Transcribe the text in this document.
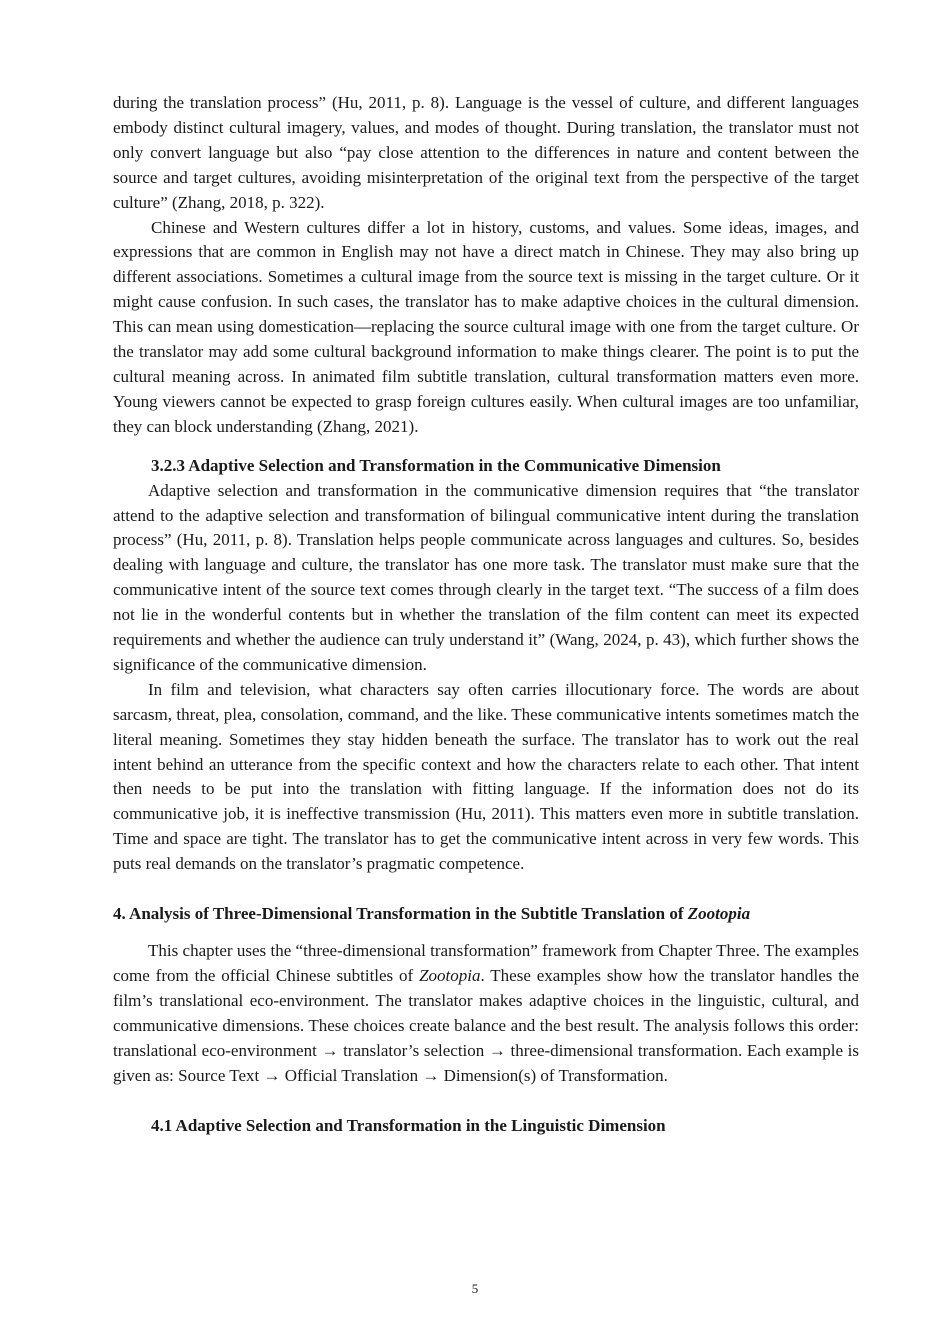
during the translation process” (Hu, 2011, p. 8). Language is the vessel of culture, and different languages embody distinct cultural imagery, values, and modes of thought. During translation, the translator must not only convert language but also “pay close attention to the differences in nature and content between the source and target cultures, avoiding misinterpretation of the original text from the perspective of the target culture” (Zhang, 2018, p. 322).

Chinese and Western cultures differ a lot in history, customs, and values. Some ideas, images, and expressions that are common in English may not have a direct match in Chinese. They may also bring up different associations. Sometimes a cultural image from the source text is missing in the target culture. Or it might cause confusion. In such cases, the translator has to make adaptive choices in the cultural dimension. This can mean using domestication—replacing the source cultural image with one from the target culture. Or the translator may add some cultural background information to make things clearer. The point is to put the cultural meaning across. In animated film subtitle translation, cultural transformation matters even more. Young viewers cannot be expected to grasp foreign cultures easily. When cultural images are too unfamiliar, they can block understanding (Zhang, 2021).

3.2.3 Adaptive Selection and Transformation in the Communicative Dimension

Adaptive selection and transformation in the communicative dimension requires that “the translator attend to the adaptive selection and transformation of bilingual communicative intent during the translation process” (Hu, 2011, p. 8). Translation helps people communicate across languages and cultures. So, besides dealing with language and culture, the translator has one more task. The translator must make sure that the communicative intent of the source text comes through clearly in the target text. “The success of a film does not lie in the wonderful contents but in whether the translation of the film content can meet its expected requirements and whether the audience can truly understand it” (Wang, 2024, p. 43), which further shows the significance of the communicative dimension.

In film and television, what characters say often carries illocutionary force. The words are about sarcasm, threat, plea, consolation, command, and the like. These communicative intents sometimes match the literal meaning. Sometimes they stay hidden beneath the surface. The translator has to work out the real intent behind an utterance from the specific context and how the characters relate to each other. That intent then needs to be put into the translation with fitting language. If the information does not do its communicative job, it is ineffective transmission (Hu, 2011). This matters even more in subtitle translation. Time and space are tight. The translator has to get the communicative intent across in very few words. This puts real demands on the translator’s pragmatic competence.

4. Analysis of Three-Dimensional Transformation in the Subtitle Translation of Zootopia

This chapter uses the “three-dimensional transformation” framework from Chapter Three. The examples come from the official Chinese subtitles of Zootopia. These examples show how the translator handles the film’s translational eco-environment. The translator makes adaptive choices in the linguistic, cultural, and communicative dimensions. These choices create balance and the best result. The analysis follows this order: translational eco-environment → translator’s selection → three-dimensional transformation. Each example is given as: Source Text → Official Translation → Dimension(s) of Transformation.

4.1 Adaptive Selection and Transformation in the Linguistic Dimension
5
